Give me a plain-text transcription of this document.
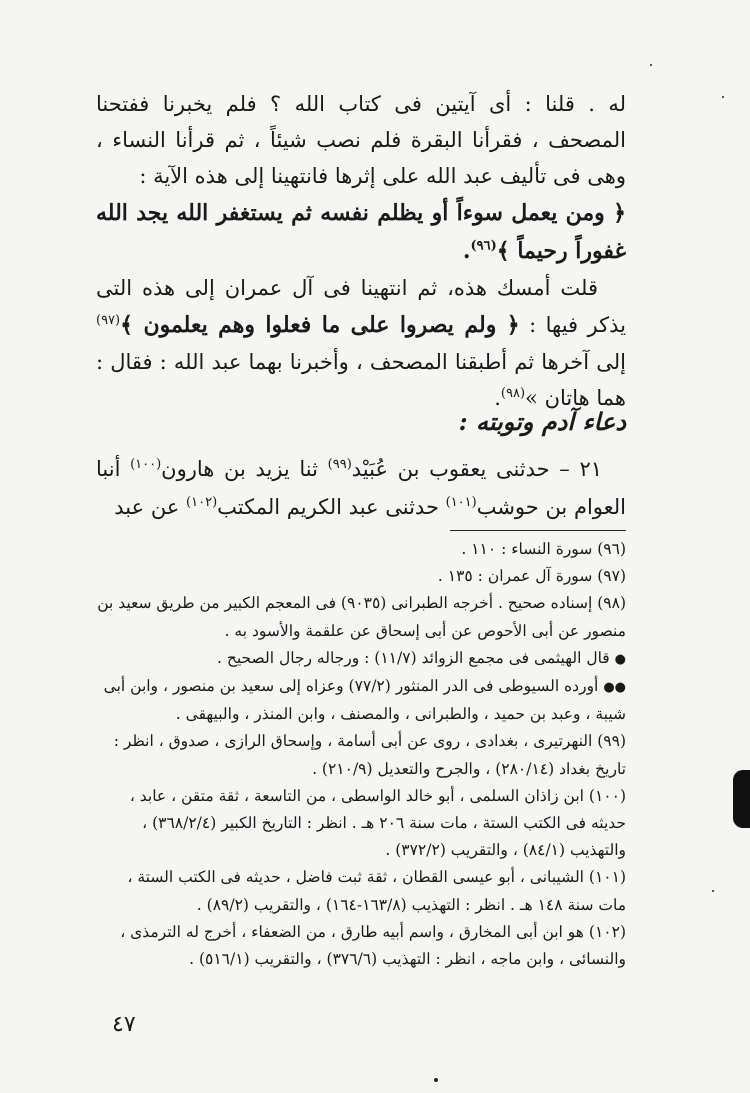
له . قلنا : أى آيتين فى كتاب الله ؟ فلم يخبرنا ففتحنا المصحف ، فقرأنا البقرة فلم نصب شيئاً ، ثم قرأنا النساء ، وهى فى تأليف عبد الله على إثرها فانتهينا إلى هذه الآية :

﴿ ومن يعمل سوءاً أو يظلم نفسه ثم يستغفر الله يجد الله غفوراً رحيماً ﴾$^{(٩٦)}$.

قلت أمسك هذه، ثم انتهينا فى آل عمران إلى هذه التى يذكر فيها : ﴿ ولم يصروا على ما فعلوا وهم يعلمون ﴾$^{(٩٧)}$ إلى آخرها ثم أطبقنا المصحف ، وأخبرنا بهما عبد الله : فقال : هما هاتان »$^{(٩٨)}$.

دعاء آدم وتوبته :
٢١ – حدثنى يعقوب بن عُبَيْد$^{(٩٩)}$ ثنا يزيد بن هارون$^{(١٠٠)}$ أنبا العوام بن حوشب$^{(١٠١)}$ حدثنى عبد الكريم المكتب$^{(١٠٢)}$ عن عبد
(٩٦) سورة النساء : ١١٠ .
(٩٧) سورة آل عمران : ١٣٥ .
(٩٨) إسناده صحيح . أخرجه الطبرانى (٩٠٣٥) فى المعجم الكبير من طريق سعيد بن منصور عن أبى الأحوص عن أبى إسحاق عن علقمة والأسود به .
● قال الهيثمى فى مجمع الزوائد (١١/٧) : ورجاله رجال الصحيح .
●● أورده السيوطى فى الدر المنثور (٧٧/٢) وعزاه إلى سعيد بن منصور ، وابن أبى شيبة ، وعبد بن حميد ، والطبرانى ، والمصنف ، وابن المنذر ، والبيهقى .
(٩٩) النهرتيرى ، بغدادى ، روى عن أبى أسامة ، وإسحاق الرازى ، صدوق ، انظر : تاريخ بغداد (٢٨٠/١٤) ، والجرح والتعديل (٢١٠/٩) .
(١٠٠) ابن زاذان السلمى ، أبو خالد الواسطى ، من التاسعة ، ثقة متقن ، عابد ، حديثه فى الكتب الستة ، مات سنة ٢٠٦ هـ . انظر : التاريخ الكبير (٣٦٨/٢/٤) ، والتهذيب (٨٤/١) ، والتقريب (٣٧٢/٢) .
(١٠١) الشيبانى ، أبو عيسى القطان ، ثقة ثبت فاضل ، حديثه فى الكتب الستة ، مات سنة ١٤٨ هـ . انظر : التهذيب (١٦٣/٨-١٦٤) ، والتقريب (٨٩/٢) .
(١٠٢) هو ابن أبى المخارق ، واسم أبيه طارق ، من الضعفاء ، أخرج له الترمذى ، والنسائى ، وابن ماجه ، انظر : التهذيب (٣٧٦/٦) ، والتقريب (٥١٦/١) .
٤٧
